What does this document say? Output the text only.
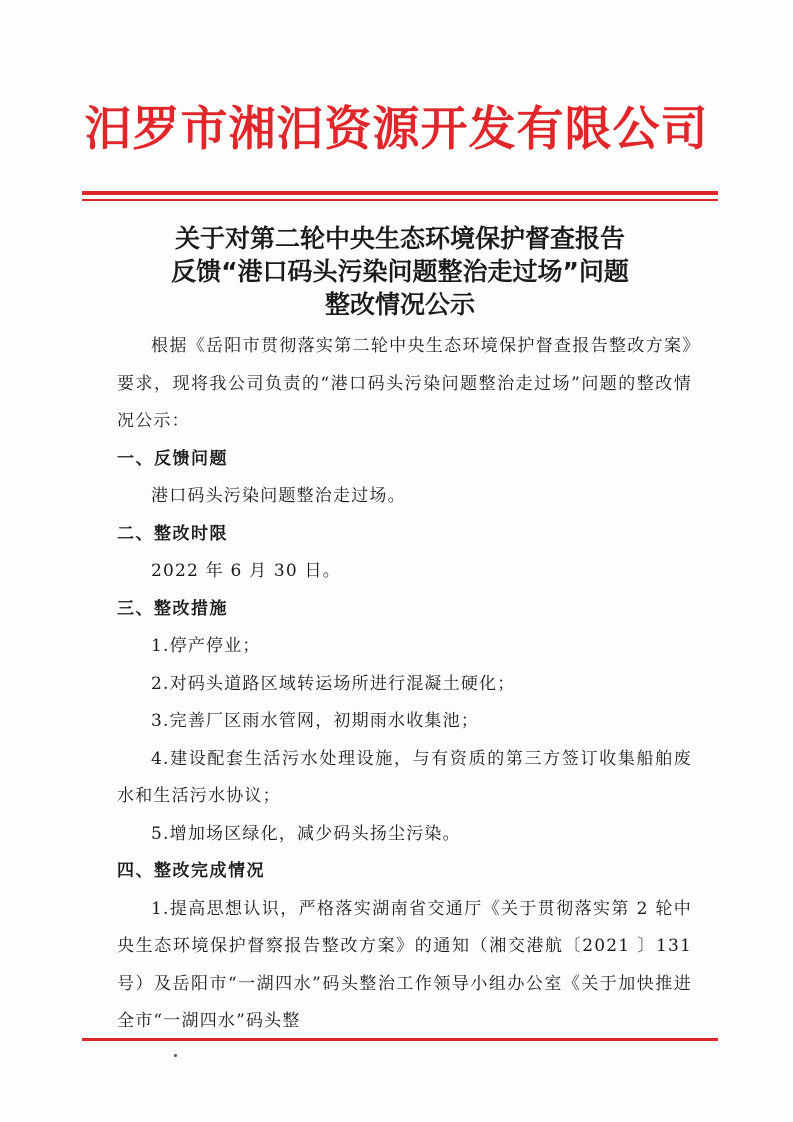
汨罗市湘汨资源开发有限公司
关于对第二轮中央生态环境保护督查报告
反馈“港口码头污染问题整治走过场”问题
整改情况公示

根据《岳阳市贯彻落实第二轮中央生态环境保护督查报告整改方案》要求，现将我公司负责的“港口码头污染问题整治走过场”问题的整改情况公示：

一、反馈问题

港口码头污染问题整治走过场。

二、整改时限

2022 年 6 月 30 日。

三、整改措施

1.停产停业；

2.对码头道路区域转运场所进行混凝土硬化；

3.完善厂区雨水管网，初期雨水收集池；

4.建设配套生活污水处理设施，与有资质的第三方签订收集船舶废水和生活污水协议；

5.增加场区绿化，减少码头扬尘污染。

四、整改完成情况

1.提高思想认识，严格落实湖南省交通厅《关于贯彻落实第 2 轮中央生态环境保护督察报告整改方案》的通知（湘交港航〔2021 〕131 号）及岳阳市“一湖四水”码头整治工作领导小组办公室《关于加快推进全市“一湖四水”码头整
